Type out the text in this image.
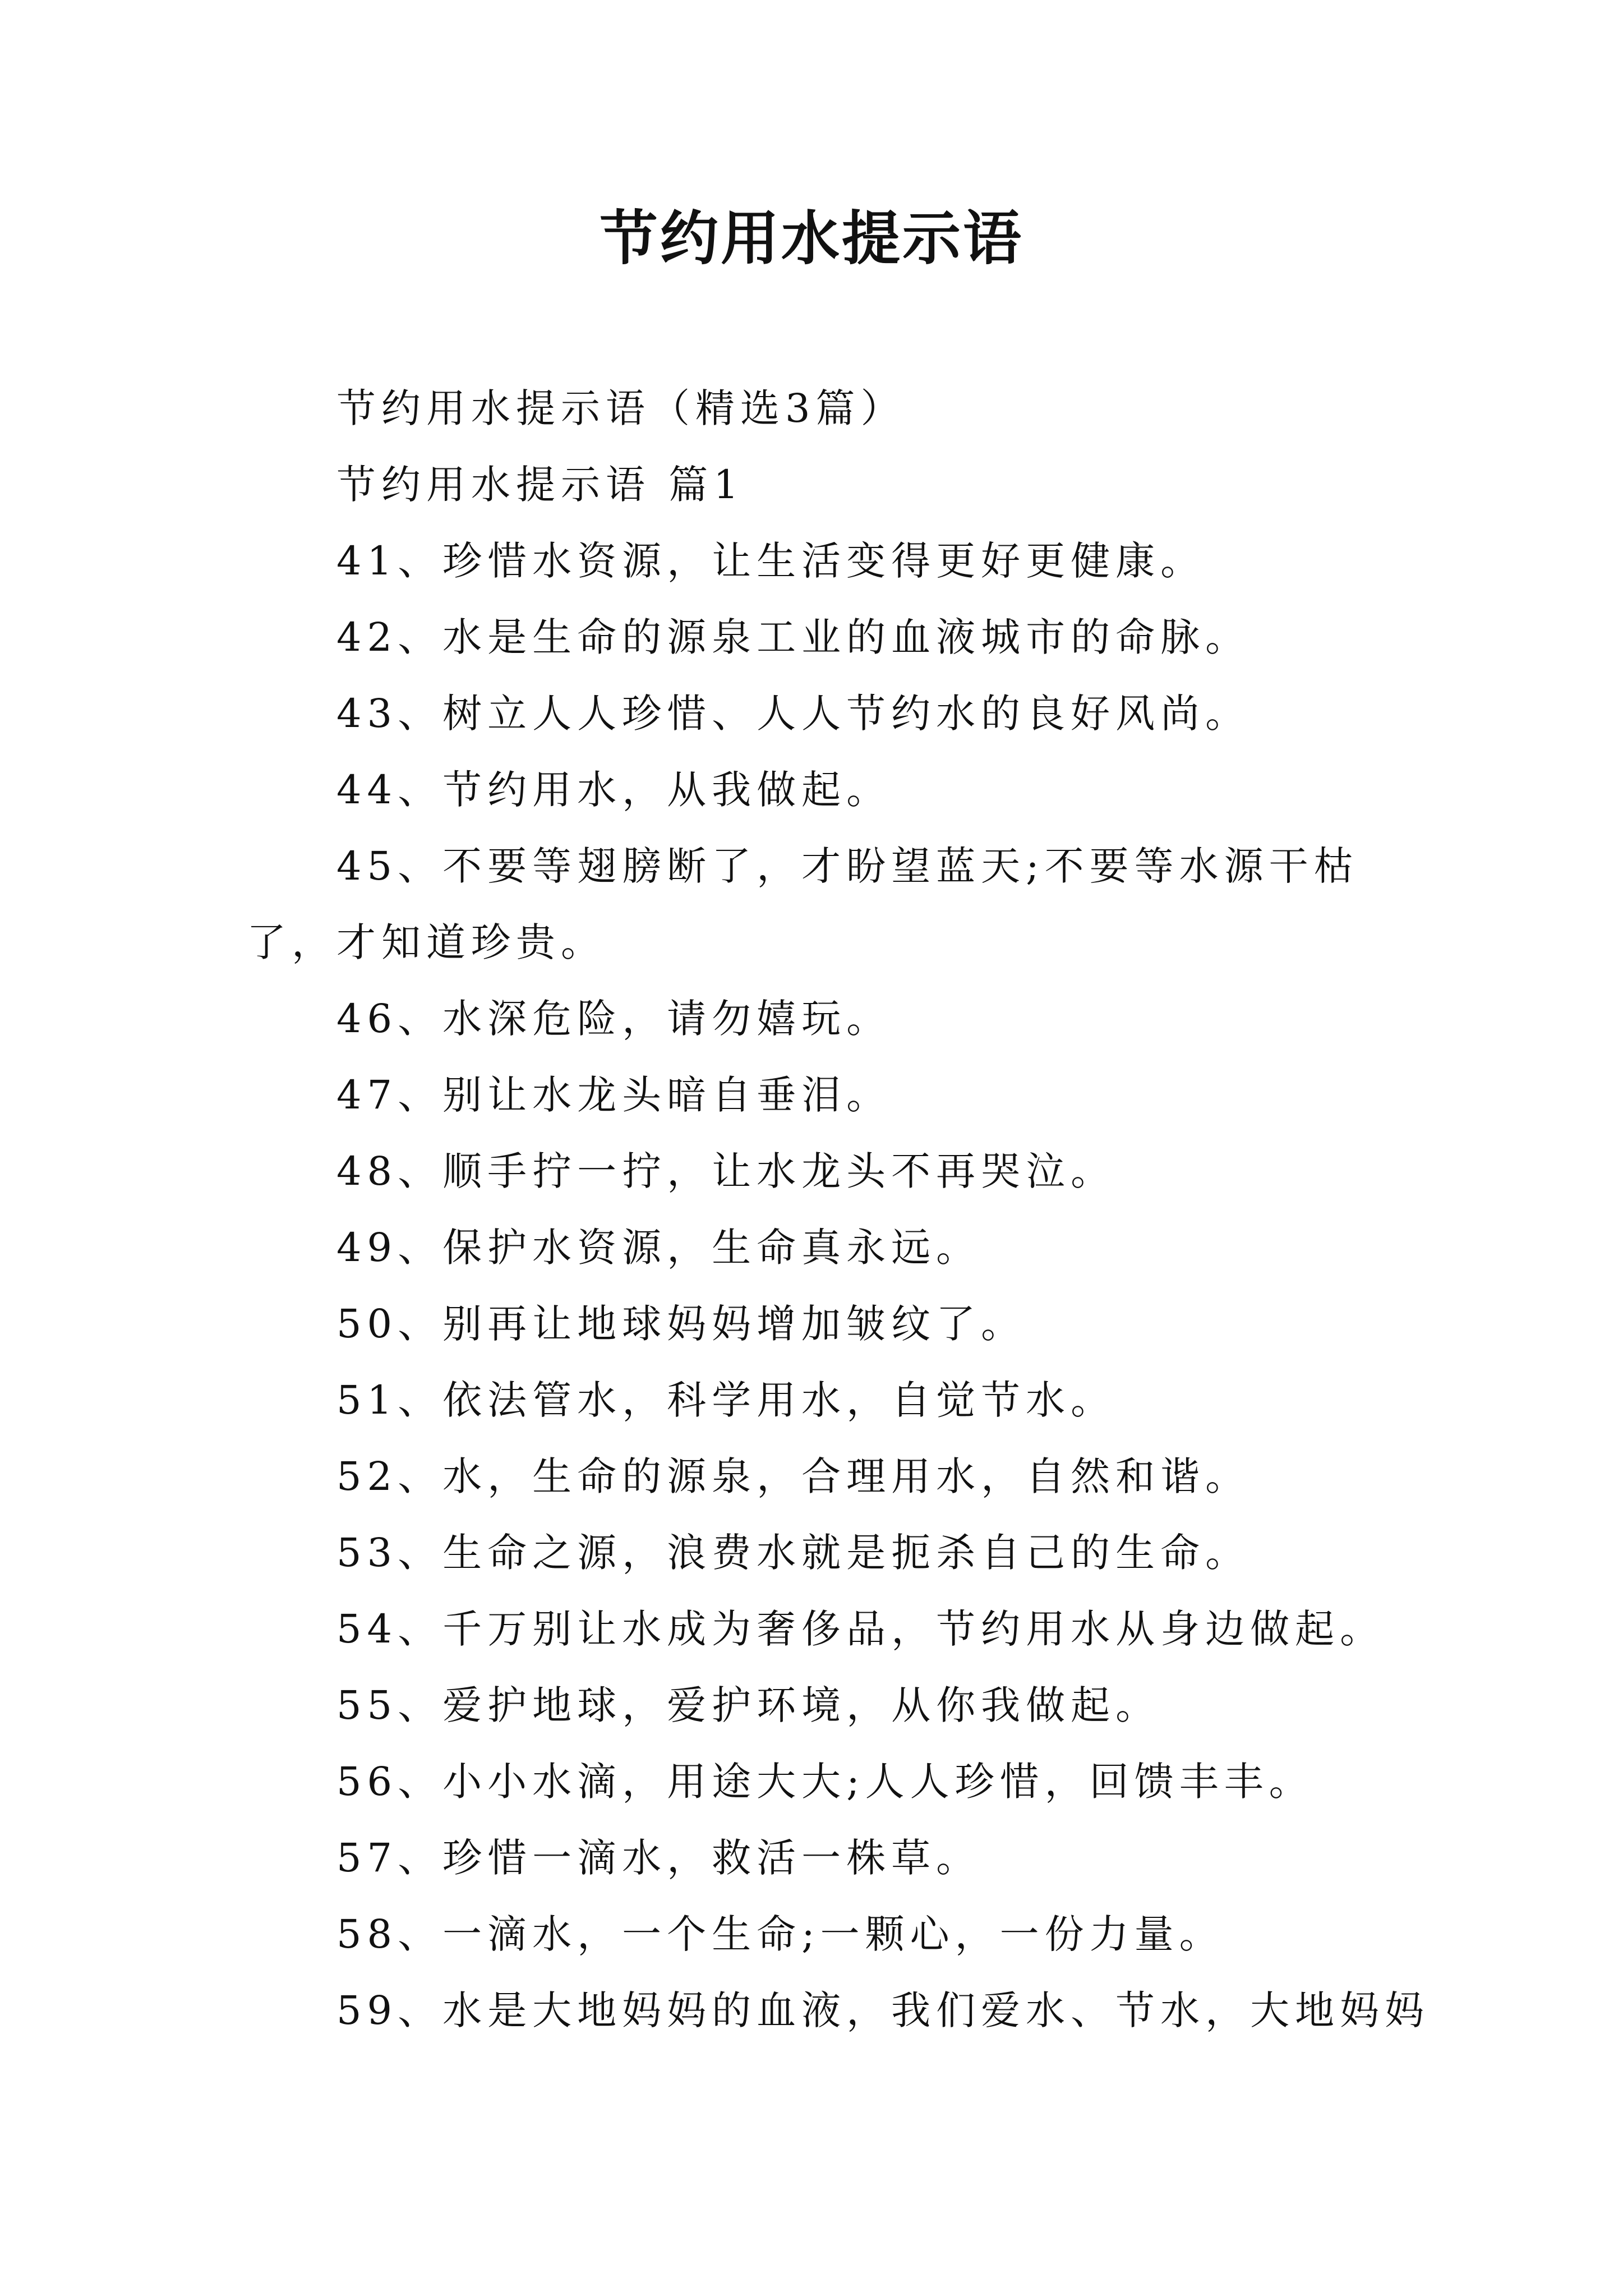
节约用水提示语

节约用水提示语（精选3篇）

节约用水提示语 篇1

41、珍惜水资源，让生活变得更好更健康。

42、水是生命的源泉工业的血液城市的命脉。

43、树立人人珍惜、人人节约水的良好风尚。

44、节约用水，从我做起。

45、不要等翅膀断了，才盼望蓝天;不要等水源干枯了，才知道珍贵。

46、水深危险，请勿嬉玩。

47、别让水龙头暗自垂泪。

48、顺手拧一拧，让水龙头不再哭泣。

49、保护水资源，生命真永远。

50、别再让地球妈妈增加皱纹了。

51、依法管水，科学用水，自觉节水。

52、水，生命的源泉，合理用水，自然和谐。

53、生命之源，浪费水就是扼杀自己的生命。

54、千万别让水成为奢侈品，节约用水从身边做起。

55、爱护地球，爱护环境，从你我做起。

56、小小水滴，用途大大;人人珍惜，回馈丰丰。

57、珍惜一滴水，救活一株草。

58、一滴水，一个生命;一颗心，一份力量。

59、水是大地妈妈的血液，我们爱水、节水，大地妈妈
